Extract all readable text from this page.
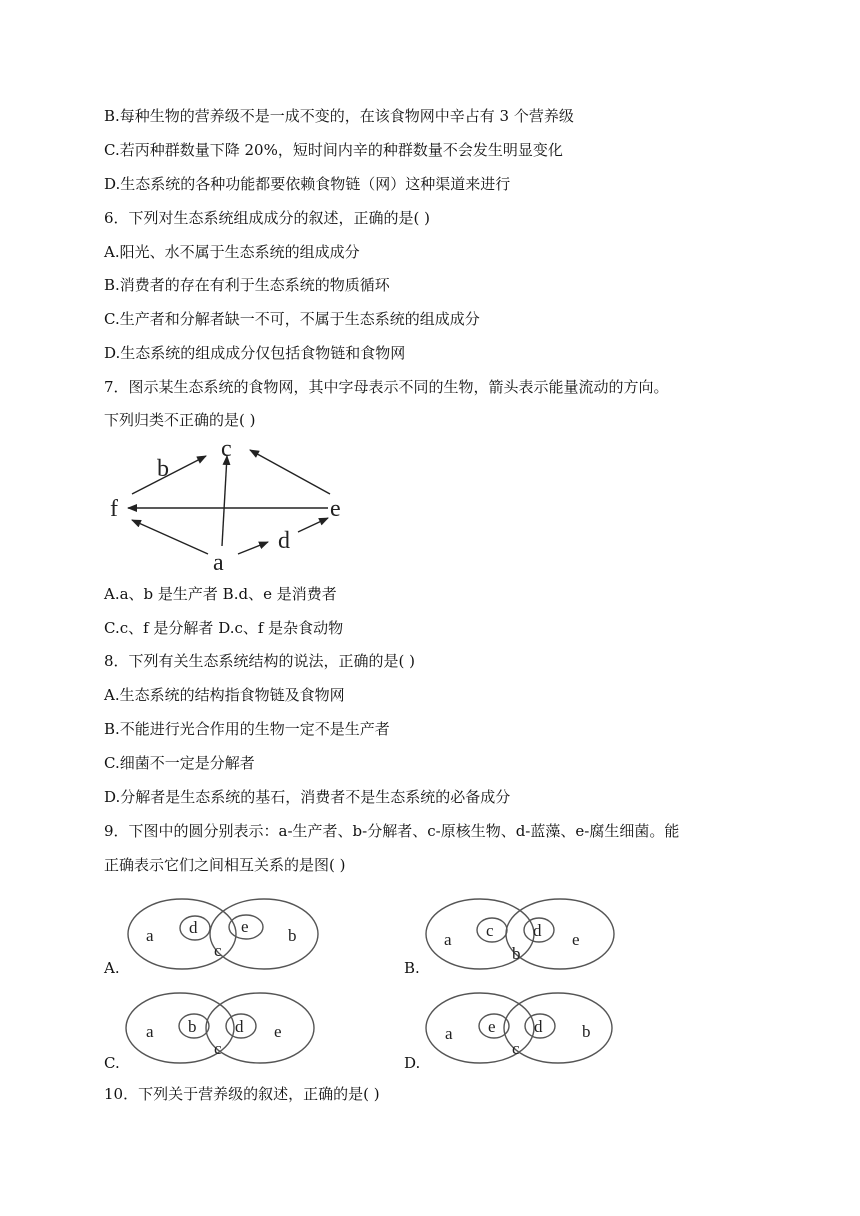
B.每种生物的营养级不是一成不变的，在该食物网中辛占有 3 个营养级
C.若丙种群数量下降 20%，短时间内辛的种群数量不会发生明显变化
D.生态系统的各种功能都要依赖食物链（网）这种渠道来进行
6．下列对生态系统组成成分的叙述，正确的是( )
A.阳光、水不属于生态系统的组成成分
B.消费者的存在有利于生态系统的物质循环
C.生产者和分解者缺一不可，不属于生态系统的组成成分
D.生态系统的组成成分仅包括食物链和食物网
7．图示某生态系统的食物网，其中字母表示不同的生物，箭头表示能量流动的方向。
下列归类不正确的是( )
c
b
f	e
d
a
A.a、b 是生产者 B.d、e 是消费者
C.c、f 是分解者 D.c、f 是杂食动物
8．下列有关生态系统结构的说法，正确的是( )
A.生态系统的结构指食物链及食物网
B.不能进行光合作用的生物一定不是生产者
C.细菌不一定是分解者
D.分解者是生态系统的基石，消费者不是生态系统的必备成分
9．下图中的圆分别表示：a-生产者、b-分解者、c-原核生物、d-蓝藻、e-腐生细菌。能
正确表示它们之间相互关系的是图( )
A.
a d	e b
c
B.
a c d e
b
C.
a b d e
c
D.
a e d b
c
10．下列关于营养级的叙述，正确的是( )
